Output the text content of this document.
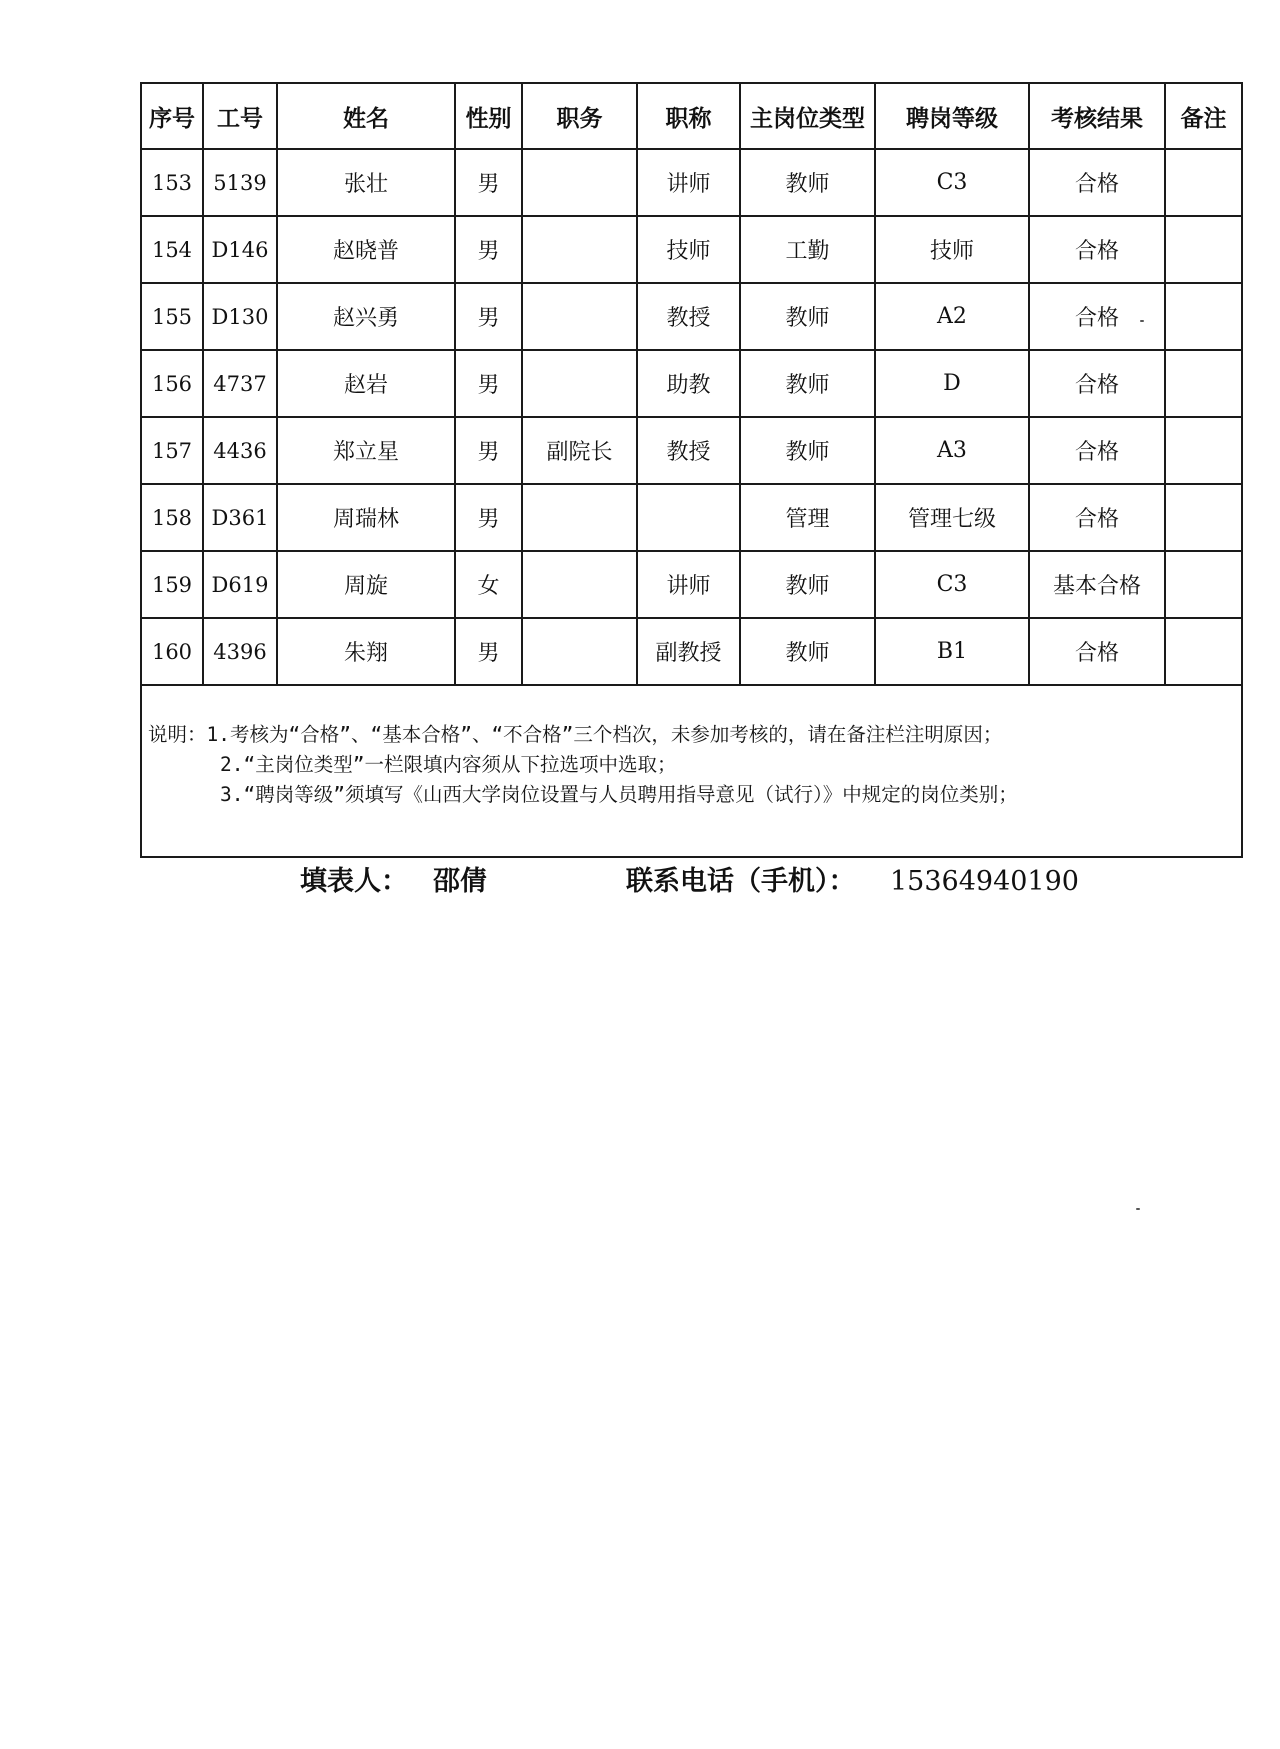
序号	工号	姓名	性别	职务	职称	主岗位类型	聘岗等级	考核结果	备注
153	5139	张壮	男		讲师	教师	C3	合格	
154	D146	赵晓普	男		技师	工勤	技师	合格	
155	D130	赵兴勇	男		教授	教师	A2	合格	
156	4737	赵岩	男		助教	教师	D	合格	
157	4436	郑立星	男	副院长	教授	教师	A3	合格	
158	D361	周瑞林	男			管理	管理七级	合格	
159	D619	周旋	女		讲师	教师	C3	基本合格	
160	4396	朱翔	男		副教授	教师	B1	合格	

说明：1.考核为“合格”、“基本合格”、“不合格”三个档次，未参加考核的，请在备注栏注明原因；
2.“主岗位类型”一栏限填内容须从下拉选项中选取；
3.“聘岗等级”须填写《山西大学岗位设置与人员聘用指导意见（试行）》中规定的岗位类别；									
填表人： 邵倩	联系电话（手机）： 15364940190
